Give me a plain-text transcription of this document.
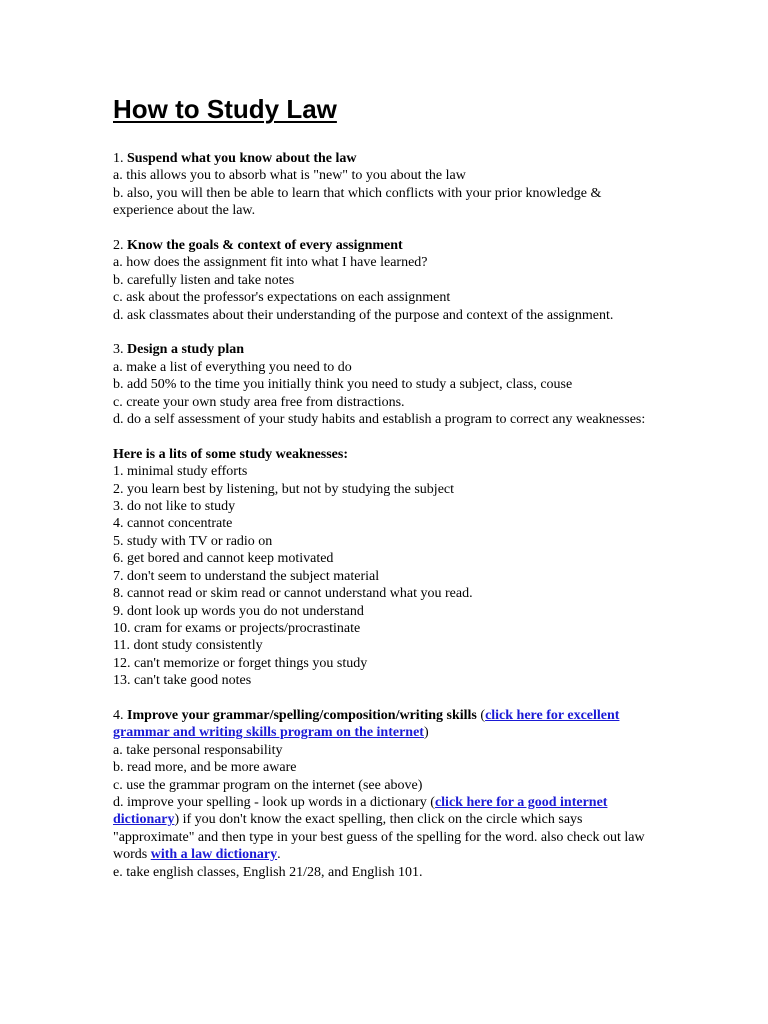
How to Study Law
1. Suspend what you know about the law
a. this allows you to absorb what is "new" to you about the law
b. also, you will then be able to learn that which conflicts with your prior knowledge & experience about the law.
2. Know the goals & context of every assignment
a. how does the assignment fit into what I have learned?
b. carefully listen and take notes
c. ask about the professor's expectations on each assignment
d. ask classmates about their understanding of the purpose and context of the assignment.
3. Design a study plan
a. make a list of everything you need to do
b. add 50% to the time you initially think you need to study a subject, class, couse
c. create your own study area free from distractions.
d. do a self assessment of your study habits and establish a program to correct any weaknesses:
Here is a lits of some study weaknesses:
1. minimal study efforts
2. you learn best by listening, but not by studying the subject
3. do not like to study
4. cannot concentrate
5. study with TV or radio on
6. get bored and cannot keep motivated
7. don't seem to understand the subject material
8. cannot read or skim read or cannot understand what you read.
9. dont look up words you do not understand
10. cram for exams or projects/procrastinate
11. dont study consistently
12. can't memorize or forget things you study
13. can't take good notes
4. Improve your grammar/spelling/composition/writing skills (click here for excellent grammar and writing skills program on the internet)
a. take personal responsability
b. read more, and be more aware
c. use the grammar program on the internet (see above)
d. improve your spelling - look up words in a dictionary (click here for a good internet dictionary) if you don't know the exact spelling, then click on the circle which says "approximate" and then type in your best guess of the spelling for the word. also check out law words with a law dictionary.
e. take english classes, English 21/28, and English 101.
